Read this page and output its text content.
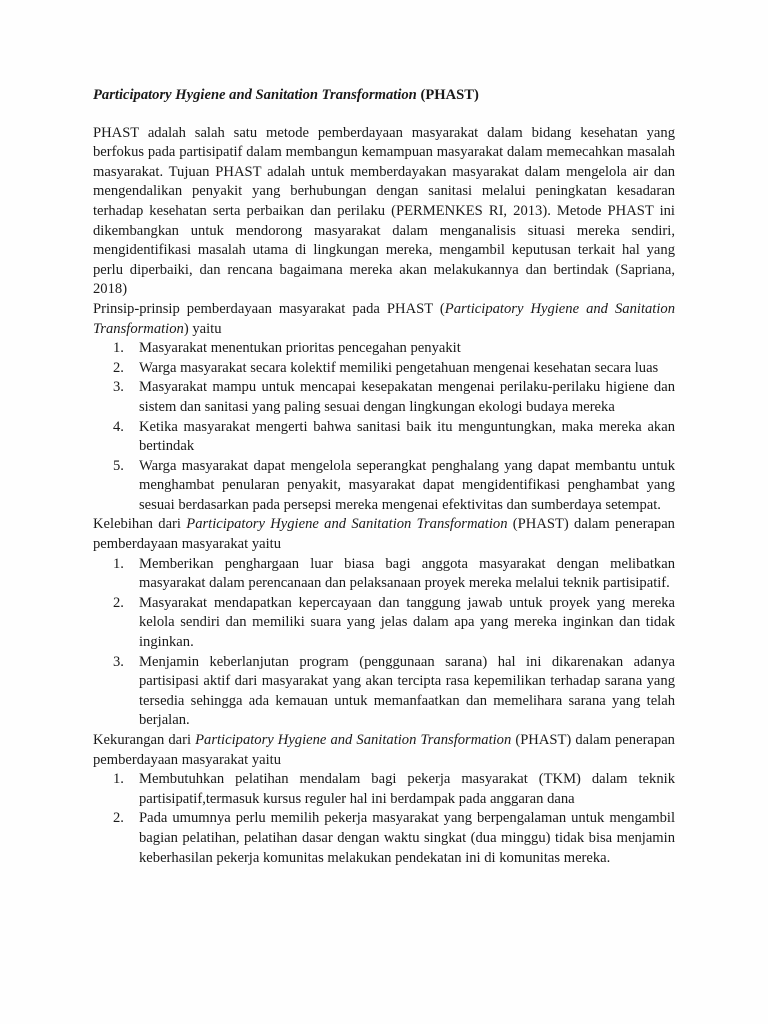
Participatory Hygiene and Sanitation Transformation (PHAST)

PHAST adalah salah satu metode pemberdayaan masyarakat dalam bidang kesehatan yang berfokus pada partisipatif dalam membangun kemampuan masyarakat dalam memecahkan masalah masyarakat. Tujuan PHAST adalah untuk memberdayakan masyarakat dalam mengelola air dan mengendalikan penyakit yang berhubungan dengan sanitasi melalui peningkatan kesadaran terhadap kesehatan serta perbaikan dan perilaku (PERMENKES RI, 2013). Metode PHAST ini dikembangkan untuk mendorong masyarakat dalam menganalisis situasi mereka sendiri, mengidentifikasi masalah utama di lingkungan mereka, mengambil keputusan terkait hal yang perlu diperbaiki, dan rencana bagaimana mereka akan melakukannya dan bertindak (Sapriana, 2018)

Prinsip-prinsip pemberdayaan masyarakat pada PHAST (Participatory Hygiene and Sanitation Transformation) yaitu

1.	Masyarakat menentukan prioritas pencegahan penyakit
2.	Warga masyarakat secara kolektif memiliki pengetahuan mengenai kesehatan secara luas
3.	Masyarakat mampu untuk mencapai kesepakatan mengenai perilaku-perilaku higiene dan sistem dan sanitasi yang paling sesuai dengan lingkungan ekologi budaya mereka
4.	Ketika masyarakat mengerti bahwa sanitasi baik itu menguntungkan, maka mereka akan bertindak
5.	Warga masyarakat dapat mengelola seperangkat penghalang yang dapat membantu untuk menghambat penularan penyakit, masyarakat dapat mengidentifikasi penghambat yang sesuai berdasarkan pada persepsi mereka mengenai efektivitas dan sumberdaya setempat.

Kelebihan dari Participatory Hygiene and Sanitation Transformation (PHAST) dalam penerapan pemberdayaan masyarakat yaitu

1.	Memberikan penghargaan luar biasa bagi anggota masyarakat dengan melibatkan masyarakat dalam perencanaan dan pelaksanaan proyek mereka melalui teknik partisipatif.
2.	Masyarakat mendapatkan kepercayaan dan tanggung jawab untuk proyek yang mereka kelola sendiri dan memiliki suara yang jelas dalam apa yang mereka inginkan dan tidak inginkan.
3.	Menjamin keberlanjutan program (penggunaan sarana) hal ini dikarenakan adanya partisipasi aktif dari masyarakat yang akan tercipta rasa kepemilikan terhadap sarana yang tersedia sehingga ada kemauan untuk memanfaatkan dan memelihara sarana yang telah berjalan.

Kekurangan dari Participatory Hygiene and Sanitation Transformation (PHAST) dalam penerapan pemberdayaan masyarakat yaitu

1.	Membutuhkan pelatihan mendalam bagi pekerja masyarakat (TKM) dalam teknik partisipatif,termasuk kursus reguler hal ini berdampak pada anggaran dana
2.	Pada umumnya perlu memilih pekerja masyarakat yang berpengalaman untuk mengambil bagian pelatihan, pelatihan dasar dengan waktu singkat (dua minggu) tidak bisa menjamin keberhasilan pekerja komunitas melakukan pendekatan ini di komunitas mereka.
